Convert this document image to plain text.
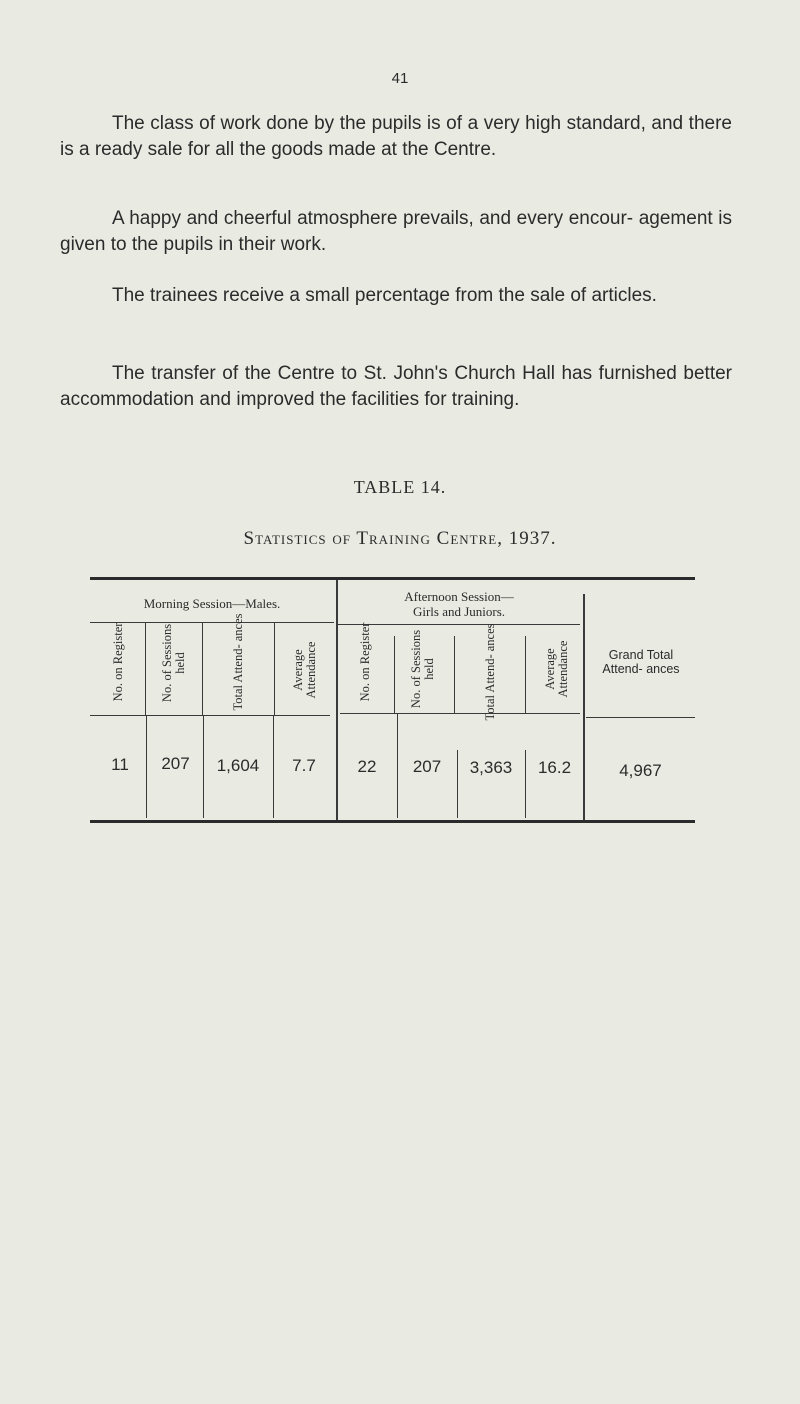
41

The class of work done by the pupils is of a very high standard, and there is a ready sale for all the goods made at the Centre.

A happy and cheerful atmosphere prevails, and every encour- agement is given to the pupils in their work.

The trainees receive a small percentage from the sale of articles.

The transfer of the Centre to St. John's Church Hall has furnished better accommodation and improved the facilities for training.

TABLE 14.
Statistics of Training Centre, 1937.
Morning Session—Males.	Afternoon Session—
Girls and Juniors.
No. on Register	No. of Sessions held	Total Attend- ances	Average Attendance	No. on Register	No. of Sessions held	Total Attend- ances	Average Attendance	Grand Total Attend- ances
11	207	1,604	7.7	22	207	3,363	16.2	4,967
